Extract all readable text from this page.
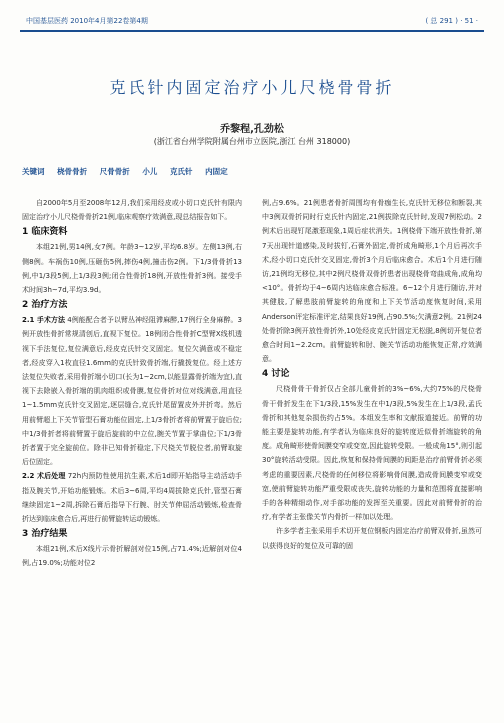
中国基层医药 2010年4月第22卷第4期	( 总 291 ) · 51 ·
克氏针内固定治疗小儿尺桡骨骨折
乔黎程,孔劲松
(浙江省台州学院附属台州市立医院,浙江 台州 318000)
关键词 桡骨骨折 尺骨骨折 小儿 克氏针 内固定

自2000年5月至2008年12月,我们采用经皮或小切口克氏针有限内固定治疗小儿尺桡骨骨折21例,临床观察疗效满意,现总结报告如下。

1 临床资料

本组21例,男14例,女7例。年龄3~12岁,平均6.8岁。左侧13例,右侧8例。车祸伤10例,压砸伤5例,摔伤4例,撞击伤2例。下1/3骨骨折13例,中1/3段5例,上1/3段3例;闭合性骨折18例,开放性骨折3例。接受手术时间3h~7d,平均3.9d。

2 治疗方法

2.1 手术方法 4例能配合者予以臂丛神经阻滞麻醉,17例行全身麻醉。3例开放性骨折常规清创后,直视下复位。18例闭合性骨折C型臂X线机透视下手法复位,复位满意后,经皮克氏针交叉固定。复位欠满意或不稳定者,经皮穿入1枚直径1.6mm的克氏针致骨折端,行撬拨复位。经上述方法复位失败者,采用骨折端小切口(长为1~2cm,以能显露骨折端为宜),直视下去除嵌入骨折端的肌肉组织或骨膜,复位骨折对位对线满意,用直径1~1.5mm克氏针交叉固定,逐层缝合,克氏针尾留置皮外并折弯。然后用前臂超上下关节管型石膏功能位固定,上1/3骨折者将前臂置于旋后位;中1/3骨折者将前臂置于旋后旋前的中立位,腕关节置于掌曲位;下1/3骨折者置于完全旋前位。除非已知骨折稳定,下尺桡关节脱位者,前臂取旋后位固定。

2.2 术后处理 72h内预防性使用抗生素,术后1d即开始指导主动活动手指及腕关节,开始功能锻炼。术后3~6周,平均4周拔除克氏针,管型石膏继续固定1~2周,拆除石膏后指导下行腕、肘关节伸屈活动锻炼,检查骨折达到临床愈合后,再进行前臂旋转运动锻炼。

3 治疗结果

本组21例,术后X线片示骨折解剖对位15例,占71.4%;近解剖对位4例,占19.0%;功能对位2

例,占9.6%。21例患者骨折周围均有骨痂生长,克氏针无移位和断裂,其中3例双骨折同时行克氏针内固定,21例拔除克氏针时,发现7例松动。2例术后出现钉尾激惹现象,1周后症状消失。1例桡骨下端开放性骨折,第7天出现针道感染,及时拔钉,石膏外固定,骨折成角畸形,1个月后再次手术,经小切口克氏针交叉固定,骨折3个月后临床愈合。术后1个月进行随访,21例均无移位,其中2例尺桡骨双骨折患者出现桡骨弯曲成角,成角均<10°。骨折均于4~6周内达临床愈合标准。6~12个月进行随访,并对其健肢,了解患肢前臂旋转的角度和上下关节活动度恢复时间,采用Anderson评定标准评定,结果良好19例,占90.5%;欠满意2例。21例24处骨折除3例开放性骨折外,10处经皮克氏针固定无松脱,8例切开复位者愈合时间1~2.2cm。前臂旋转和肘、腕关节活动功能恢复正常,疗效满意。

4 讨论

尺桡骨骨干骨折仅占全部儿童骨折的3%~6%,大约75%的尺桡骨骨干骨折发生在下1/3段,15%发生在中1/3段,5%发生在上1/3段,孟氏骨折和其他复杂损伤约占5%。本组发生率和文献报道接近。前臂的功能主要是旋转功能,有学者认为临床良好的旋转度近似骨折端旋转的角度。成角畸形使骨间膜变窄或变宽,因此旋转受限。一般成角15°,则引起30°旋转活动受限。因此,恢复和保持骨间膜的间距是治疗前臂骨折必须考虑的重要因素,尺桡骨的任何移位将影响骨间膜,造成骨间膜变窄或变宽,使前臂旋转功能严重受限或丧失,旋转功能的力量和范围将直接影响手的各种精细动作,对手部功能的发挥至关重要。因此对前臂骨折的治疗,有学者主张像关节内骨折一样加以处理。

许多学者主张采用手术切开复位钢板内固定治疗前臂双骨折,虽然可以获得良好的复位及可靠的固
